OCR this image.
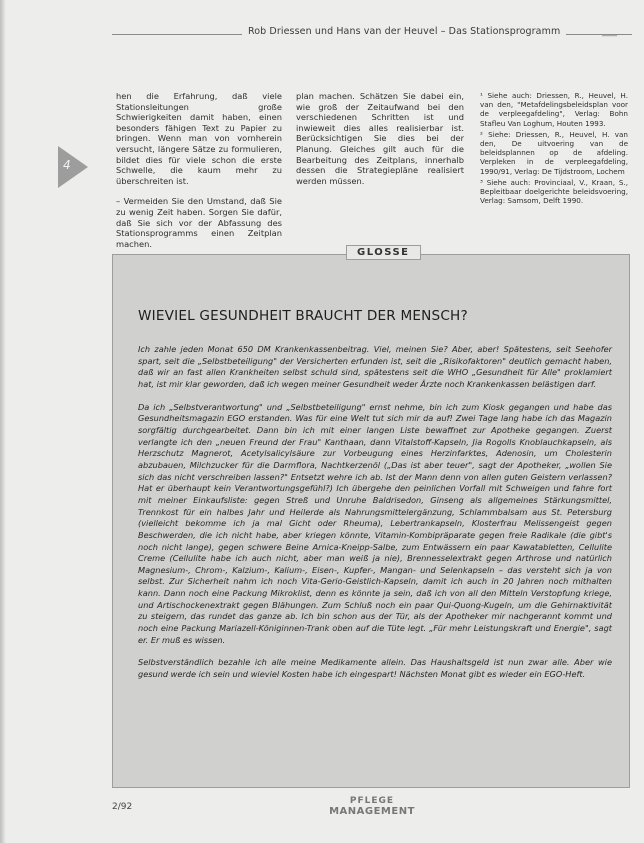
Rob Driessen und Hans van der Heuvel – Das Stationsprogramm	___

hen die Erfahrung, daß viele Stationsleitungen große Schwierigkeiten damit haben, einen besonders fähigen Text zu Papier zu bringen. Wenn man von vornherein versucht, längere Sätze zu formulieren, bildet dies für viele schon die erste Schwelle, die kaum mehr zu überschreiten ist.

– Vermeiden Sie den Umstand, daß Sie zu wenig Zeit haben. Sorgen Sie dafür, daß Sie sich vor der Abfassung des Stationsprogramms einen Zeitplan machen.

plan machen. Schätzen Sie dabei ein, wie groß der Zeitaufwand bei den verschiedenen Schritten ist und inwieweit dies alles realisierbar ist. Berücksichtigen Sie dies bei der Planung. Gleiches gilt auch für die Bearbeitung des Zeitplans, innerhalb dessen die Strategiepläne realisiert werden müssen.

¹ Siehe auch: Driessen, R., Heuvel, H. van den, "Metafdelingsbeleidsplan voor de verpleegafdeling", Verlag: Bohn Stafleu Van Loghum, Houten 1993.

² Siehe: Driessen, R., Heuvel, H. van den, De uitvoering van de beleidsplannen op de afdeling. Verpleken in de verpleegafdeling, 1990/91, Verlag: De Tijdstroom, Lochem

³ Siehe auch: Provinciaal, V., Kraan, S., Bepleitbaar doelgerichte beleidsvoering, Verlag: Samsom, Delft 1990.

4
GLOSSE
WIEVIEL GESUNDHEIT BRAUCHT DER MENSCH?

Ich zahle jeden Monat 650 DM Krankenkassenbeitrag. Viel, meinen Sie? Aber, aber! Spätestens, seit Seehofer spart, seit die „Selbstbeteiligung" der Versicherten erfunden ist, seit die „Risikofaktoren" deutlich gemacht haben, daß wir an fast allen Krankheiten selbst schuld sind, spätestens seit die WHO „Gesundheit für Alle" proklamiert hat, ist mir klar geworden, daß ich wegen meiner Gesundheit weder Ärzte noch Krankenkassen belästigen darf.

Da ich „Selbstverantwortung" und „Selbstbeteiligung" ernst nehme, bin ich zum Kiosk gegangen und habe das Gesundheitsmagazin EGO erstanden. Was für eine Welt tut sich mir da auf! Zwei Tage lang habe ich das Magazin sorgfältig durchgearbeitet. Dann bin ich mit einer langen Liste bewaffnet zur Apotheke gegangen. Zuerst verlangte ich den „neuen Freund der Frau" Kanthaan, dann Vitalstoff-Kapseln, Jia Rogolls Knoblauchkapseln, als Herzschutz Magnerot, Acetylsalicylsäure zur Vorbeugung eines Herzinfarktes, Adenosin, um Cholesterin abzubauen, Milchzucker für die Darmflora, Nachtkerzenöl („Das ist aber teuer", sagt der Apotheker, „wollen Sie sich das nicht verschreiben lassen?" Entsetzt wehre ich ab. Ist der Mann denn von allen guten Geistern verlassen? Hat er überhaupt kein Verantwortungsgefühl?) Ich übergehe den peinlichen Vorfall mit Schweigen und fahre fort mit meiner Einkaufsliste: gegen Streß und Unruhe Baldrisedon, Ginseng als allgemeines Stärkungsmittel, Trennkost für ein halbes Jahr und Heilerde als Nahrungsmittelergänzung, Schlammbalsam aus St. Petersburg (vielleicht bekomme ich ja mal Gicht oder Rheuma), Lebertrankapseln, Klosterfrau Melissengeist gegen Beschwerden, die ich nicht habe, aber kriegen könnte, Vitamin-Kombipräparate gegen freie Radikale (die gibt's noch nicht lange), gegen schwere Beine Arnica-Kneipp-Salbe, zum Entwässern ein paar Kawatabletten, Cellulite Creme (Cellulite habe ich auch nicht, aber man weiß ja nie), Brennesselextrakt gegen Arthrose und natürlich Magnesium-, Chrom-, Kalzium-, Kalium-, Eisen-, Kupfer-, Mangan- und Selenkapseln – das versteht sich ja von selbst. Zur Sicherheit nahm ich noch Vita-Gerio-Geistlich-Kapseln, damit ich auch in 20 Jahren noch mithalten kann. Dann noch eine Packung Mikroklist, denn es könnte ja sein, daß ich von all den Mitteln Verstopfung kriege, und Artischockenextrakt gegen Blähungen. Zum Schluß noch ein paar Qui-Quong-Kugeln, um die Gehirnaktivität zu steigern, das rundet das ganze ab. Ich bin schon aus der Tür, als der Apotheker mir nachgerannt kommt und noch eine Packung Mariazell-Königinnen-Trank oben auf die Tüte legt. „Für mehr Leistungskraft und Energie", sagt er. Er muß es wissen.

Selbstverständlich bezahle ich alle meine Medikamente allein. Das Haushaltsgeld ist nun zwar alle. Aber wie gesund werde ich sein und wieviel Kosten habe ich eingespart! Nächsten Monat gibt es wieder ein EGO-Heft.

2/92
PFLEGE
MANAGEMENT
